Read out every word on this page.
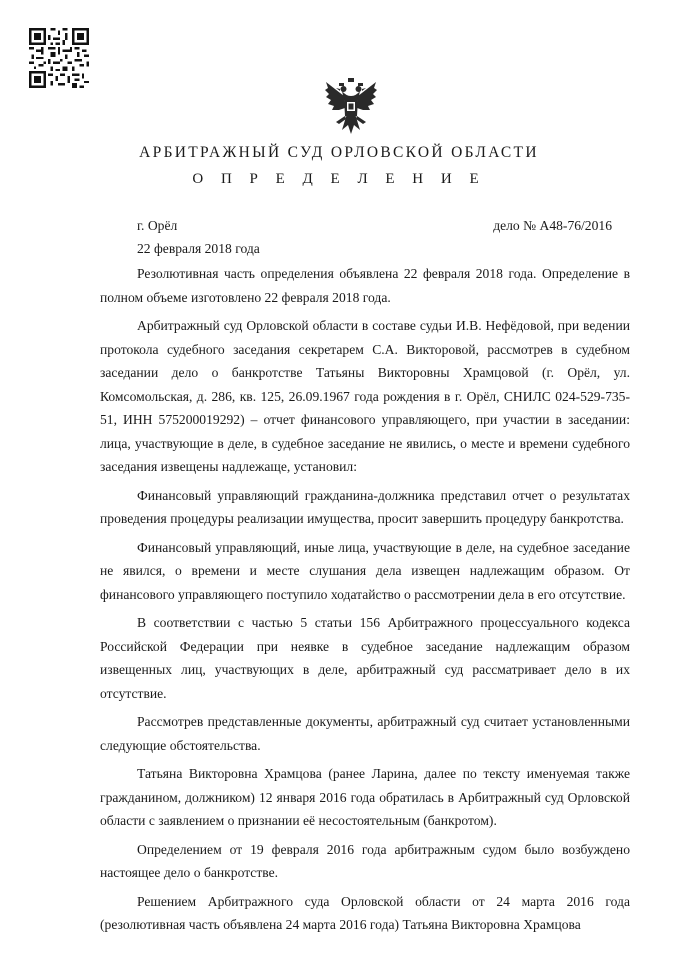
АРБИТРАЖНЫЙ СУД ОРЛОВСКОЙ ОБЛАСТИ
О П Р Е Д Е Л Е Н И Е
г. Орёл	дело № А48-76/2016
22 февраля 2018 года

Резолютивная часть определения объявлена 22 февраля 2018 года. Определение в полном объеме изготовлено 22 февраля 2018 года.

Арбитражный суд Орловской области в составе судьи И.В. Нефёдовой, при ведении протокола судебного заседания секретарем С.А. Викторовой, рассмотрев в судебном заседании дело о банкротстве Татьяны Викторовны Храмцовой (г. Орёл, ул. Комсомольская, д. 286, кв. 125, 26.09.1967 года рождения в г. Орёл, СНИЛС 024-529-735-51, ИНН 575200019292) – отчет финансового управляющего, при участии в заседании: лица, участвующие в деле, в судебное заседание не явились, о месте и времени судебного заседания извещены надлежаще, установил:

Финансовый управляющий гражданина-должника представил отчет о результатах проведения процедуры реализации имущества, просит завершить процедуру банкротства.

Финансовый управляющий, иные лица, участвующие в деле, на судебное заседание не явился, о времени и месте слушания дела извещен надлежащим образом. От финансового управляющего поступило ходатайство о рассмотрении дела в его отсутствие.

В соответствии с частью 5 статьи 156 Арбитражного процессуального кодекса Российской Федерации при неявке в судебное заседание надлежащим образом извещенных лиц, участвующих в деле, арбитражный суд рассматривает дело в их отсутствие.

Рассмотрев представленные документы, арбитражный суд считает установленными следующие обстоятельства.

Татьяна Викторовна Храмцова (ранее Ларина, далее по тексту именуемая также гражданином, должником) 12 января 2016 года обратилась в Арбитражный суд Орловской области с заявлением о признании её несостоятельным (банкротом).

Определением от 19 февраля 2016 года арбитражным судом было возбуждено настоящее дело о банкротстве.

Решением Арбитражного суда Орловской области от 24 марта 2016 года (резолютивная часть объявлена 24 марта 2016 года) Татьяна Викторовна Храмцова
